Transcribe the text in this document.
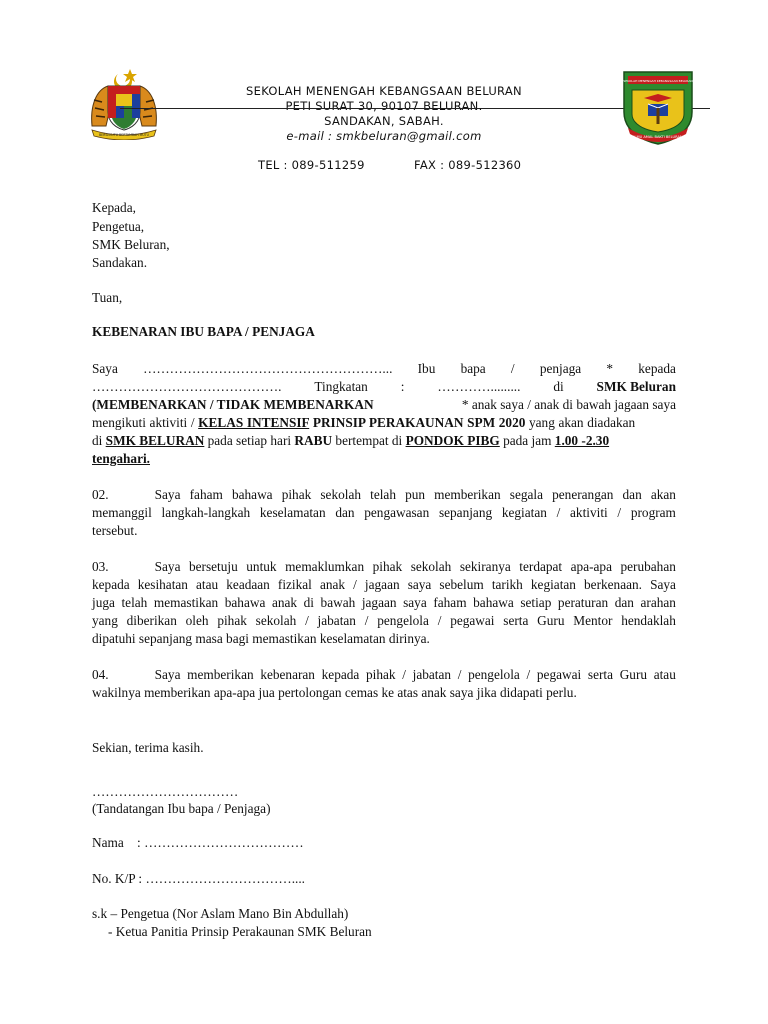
BERSEKUTU BERTAMBAH MUTU
SEKOLAH MENENGAH KEBANGSAAN BELURAN
PETI SURAT 30, 90107 BELURAN.
SANDAKAN, SABAH.
e-mail : smkbeluran@gmail.com
TEL : 089-511259	FAX : 089-512360
SEKOLAH MENENGAH KEBANGSAAN BELURAN
ILMU AMAL BAKTI BELURAN
Kepada,
Pengetua,
SMK Beluran,
Sandakan.
Tuan,
KEBENARAN IBU BAPA / PENJAGA
Saya ………………………………………………... Ibu bapa / penjaga * kepada
……………………………………. Tingkatan : …………......... di SMK Beluran
(MEMBENARKAN / TIDAK MEMBENARKAN	* anak saya / anak di bawah jagaan saya
mengikuti aktiviti / KELAS INTENSIF PRINSIP PERAKAUNAN SPM 2020 yang akan diadakan
di SMK BELURAN pada setiap hari RABU bertempat di PONDOK PIBG pada jam 1.00 -2.30
tengahari.
02.	Saya faham bahawa pihak sekolah telah pun memberikan segala penerangan dan akan
memanggil langkah-langkah keselamatan dan pengawasan sepanjang kegiatan / aktiviti / program
tersebut.
03.	Saya bersetuju untuk memaklumkan pihak sekolah sekiranya terdapat apa-apa perubahan
kepada kesihatan atau keadaan fizikal anak / jagaan saya sebelum tarikh kegiatan berkenaan. Saya
juga telah memastikan bahawa anak di bawah jagaan saya faham bahawa setiap peraturan dan arahan
yang diberikan oleh pihak sekolah / jabatan / pengelola / pegawai serta Guru Mentor hendaklah
dipatuhi sepanjang masa bagi memastikan keselamatan dirinya.
04.	Saya memberikan kebenaran kepada pihak / jabatan / pengelola / pegawai serta Guru atau
wakilnya memberikan apa-apa jua pertolongan cemas ke atas anak saya jika didapati perlu.
Sekian, terima kasih.
……………………………
(Tandatangan Ibu bapa / Penjaga)
Nama    : ………………………………
No. K/P : ……………………………....
s.k – Pengetua (Nor Aslam Mano Bin Abdullah)
- Ketua Panitia Prinsip Perakaunan SMK Beluran
